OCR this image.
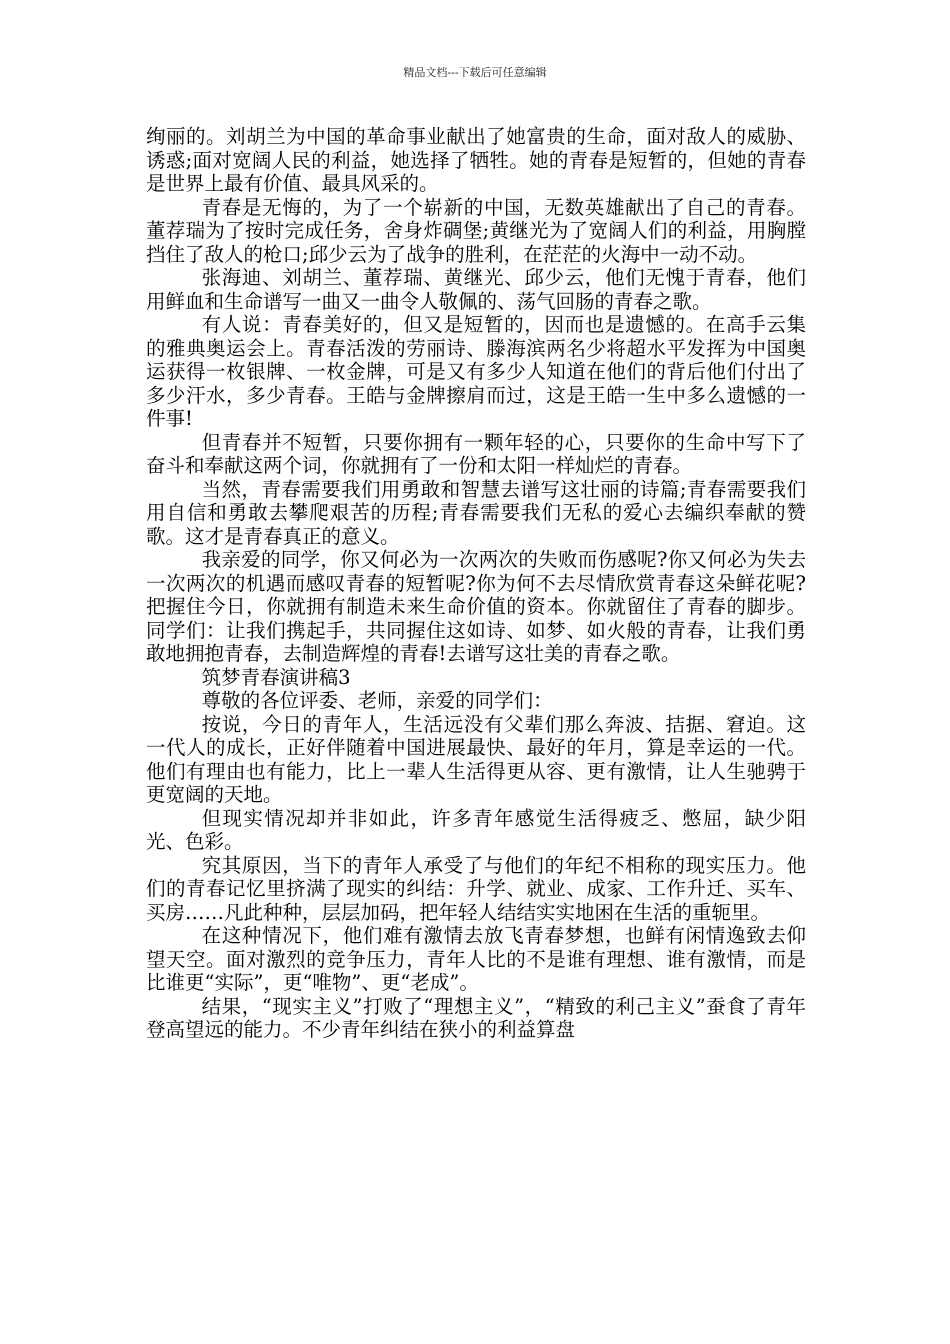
精品文档---下载后可任意编辑

绚丽的。刘胡兰为中国的革命事业献出了她富贵的生命，面对敌人的威胁、诱惑;面对宽阔人民的利益，她选择了牺牲。她的青春是短暂的，但她的青春是世界上最有价值、最具风采的。

青春是无悔的，为了一个崭新的中国，无数英雄献出了自己的青春。董荐瑞为了按时完成任务，舍身炸碉堡;黄继光为了宽阔人们的利益，用胸膛挡住了敌人的枪口;邱少云为了战争的胜利，在茫茫的火海中一动不动。

张海迪、刘胡兰、董荐瑞、黄继光、邱少云，他们无愧于青春，他们用鲜血和生命谱写一曲又一曲令人敬佩的、荡气回肠的青春之歌。

有人说：青春美好的，但又是短暂的，因而也是遗憾的。在高手云集的雅典奥运会上。青春活泼的劳丽诗、滕海滨两名少将超水平发挥为中国奥运获得一枚银牌、一枚金牌，可是又有多少人知道在他们的背后他们付出了多少汗水，多少青春。王皓与金牌擦肩而过，这是王皓一生中多么遗憾的一件事!

但青春并不短暂，只要你拥有一颗年轻的心，只要你的生命中写下了奋斗和奉献这两个词，你就拥有了一份和太阳一样灿烂的青春。

当然，青春需要我们用勇敢和智慧去谱写这壮丽的诗篇;青春需要我们用自信和勇敢去攀爬艰苦的历程;青春需要我们无私的爱心去编织奉献的赞歌。这才是青春真正的意义。

我亲爱的同学，你又何必为一次两次的失败而伤感呢?你又何必为失去一次两次的机遇而感叹青春的短暂呢?你为何不去尽情欣赏青春这朵鲜花呢?把握住今日，你就拥有制造未来生命价值的资本。你就留住了青春的脚步。同学们：让我们携起手，共同握住这如诗、如梦、如火般的青春，让我们勇敢地拥抱青春，去制造辉煌的青春!去谱写这壮美的青春之歌。

筑梦青春演讲稿3

尊敬的各位评委、老师，亲爱的同学们：

按说，今日的青年人，生活远没有父辈们那么奔波、拮据、窘迫。这一代人的成长，正好伴随着中国进展最快、最好的年月，算是幸运的一代。他们有理由也有能力，比上一辈人生活得更从容、更有激情，让人生驰骋于更宽阔的天地。

但现实情况却并非如此，许多青年感觉生活得疲乏、憋屈，缺少阳光、色彩。

究其原因，当下的青年人承受了与他们的年纪不相称的现实压力。他们的青春记忆里挤满了现实的纠结：升学、就业、成家、工作升迁、买车、买房……凡此种种，层层加码，把年轻人结结实实地困在生活的重轭里。

在这种情况下，他们难有激情去放飞青春梦想，也鲜有闲情逸致去仰望天空。面对激烈的竞争压力，青年人比的不是谁有理想、谁有激情，而是比谁更“实际”，更“唯物”、更“老成”。

结果，“现实主义”打败了“理想主义”，“精致的利己主义”蚕食了青年登高望远的能力。不少青年纠结在狭小的利益算盘
